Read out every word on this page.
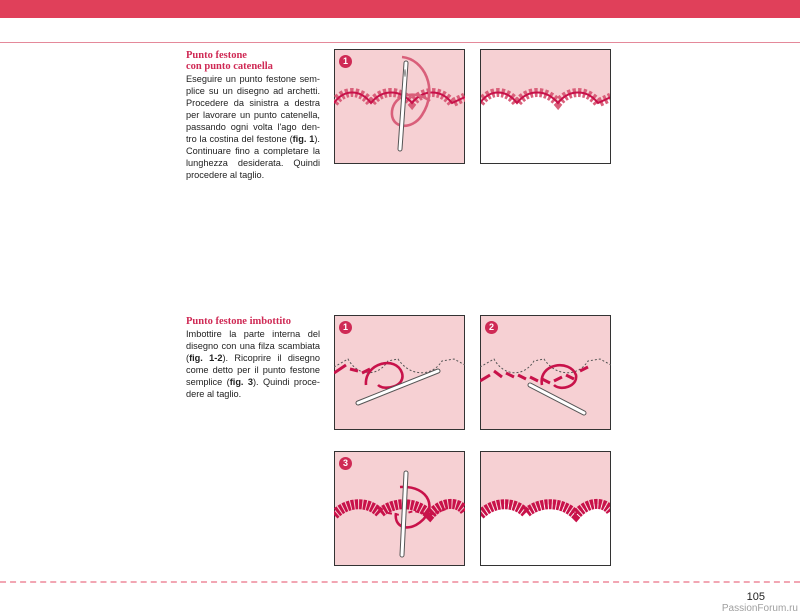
Punto festone
con punto catenella
Eseguire un punto festone sem- plice su un disegno ad archetti. Procedere da sinistra a destra per lavorare un punto catenella, passando ogni volta l'ago den- tro la costina del festone (fig. 1). Continuare fino a completare la lunghezza desiderata. Quindi procedere al taglio.
1
Punto festone imbottito
Imbottire la parte interna del disegno con una filza scambiata (fig. 1-2). Ricoprire il disegno come detto per il punto festone semplice (fig. 3). Quindi proce- dere al taglio.
1	2
3
105
PassionForum.ru
